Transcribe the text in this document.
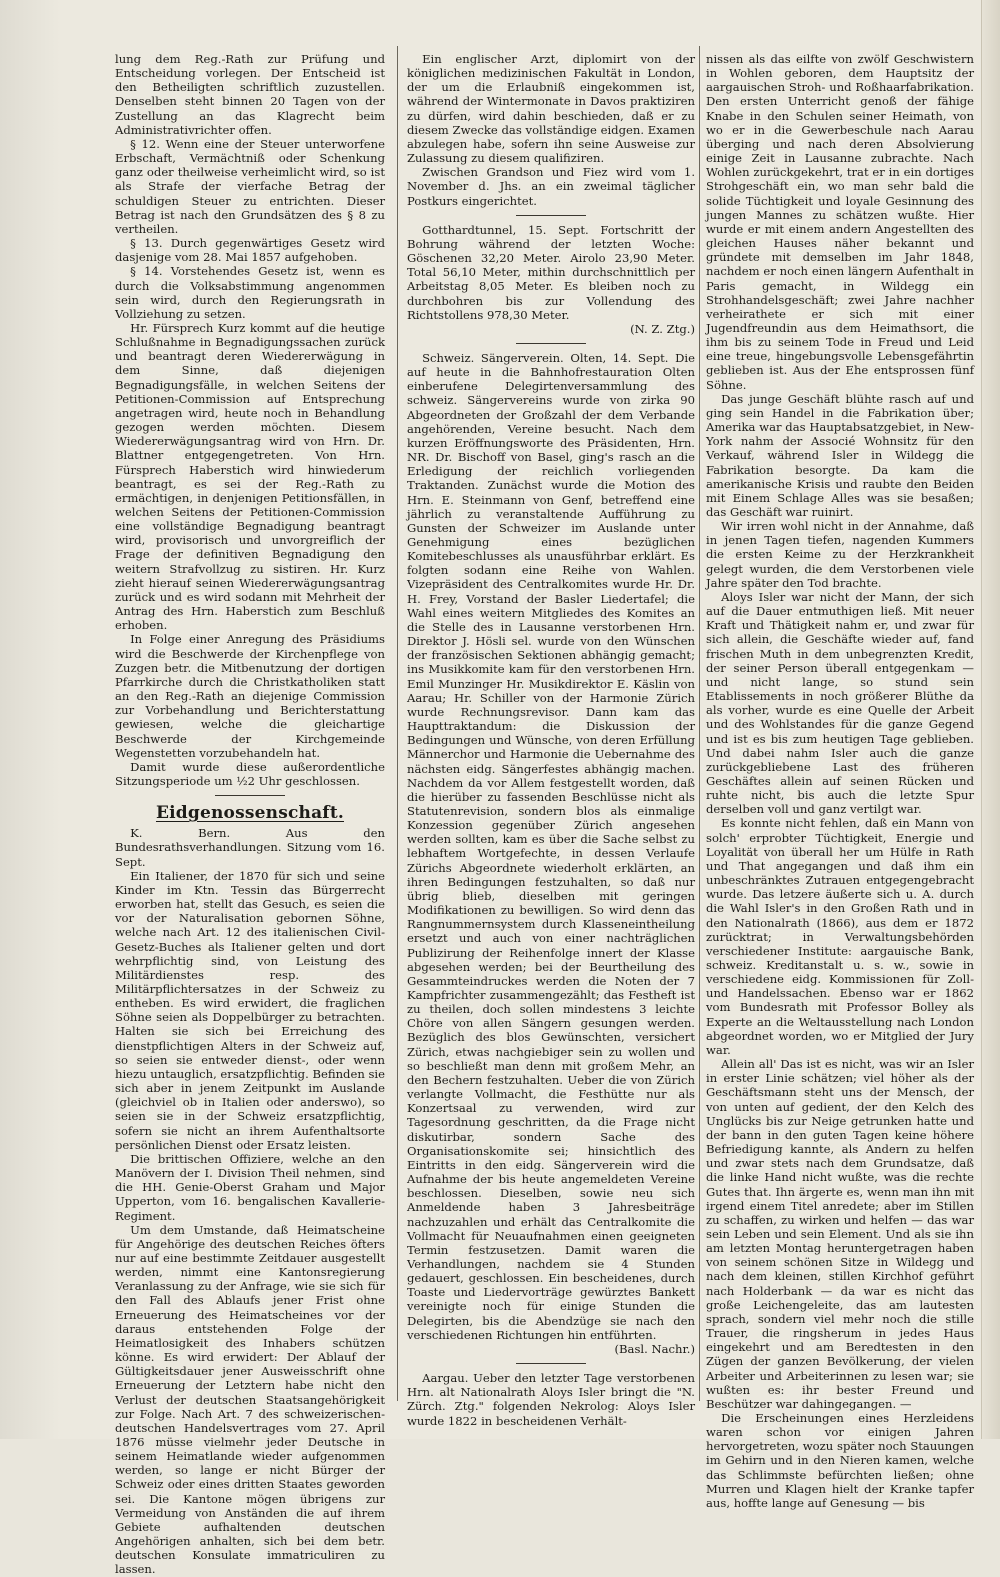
lung dem Reg.-Rath zur Prüfung und Entscheidung vorlegen. Der Entscheid ist den Betheiligten schriftlich zuzustellen. Denselben steht binnen 20 Tagen von der Zustellung an das Klagrecht beim Administrativrichter offen.

§ 12. Wenn eine der Steuer unterworfene Erbschaft, Vermächtniß oder Schenkung ganz oder theilweise verheimlicht wird, so ist als Strafe der vierfache Betrag der schuldigen Steuer zu entrichten. Dieser Betrag ist nach den Grundsätzen des § 8 zu vertheilen.

§ 13. Durch gegenwärtiges Gesetz wird dasjenige vom 28. Mai 1857 aufgehoben.

§ 14. Vorstehendes Gesetz ist, wenn es durch die Volksabstimmung angenommen sein wird, durch den Regierungsrath in Vollziehung zu setzen.

Hr. Fürsprech Kurz kommt auf die heutige Schlußnahme in Begnadigungssachen zurück und beantragt deren Wiedererwägung in dem Sinne, daß diejenigen Begnadigungsfälle, in welchen Seitens der Petitionen-Commission auf Entsprechung angetragen wird, heute noch in Behandlung gezogen werden möchten. Diesem Wiedererwägungsantrag wird von Hrn. Dr. Blattner entgegengetreten. Von Hrn. Fürsprech Haberstich wird hinwiederum beantragt, es sei der Reg.-Rath zu ermächtigen, in denjenigen Petitionsfällen, in welchen Seitens der Petitionen-Commission eine vollständige Begnadigung beantragt wird, provisorisch und unvorgreiflich der Frage der definitiven Begnadigung den weitern Strafvollzug zu sistiren. Hr. Kurz zieht hierauf seinen Wiedererwägungsantrag zurück und es wird sodann mit Mehrheit der Antrag des Hrn. Haberstich zum Beschluß erhoben.

In Folge einer Anregung des Präsidiums wird die Beschwerde der Kirchenpflege von Zuzgen betr. die Mitbenutzung der dortigen Pfarrkirche durch die Christkatholiken statt an den Reg.-Rath an diejenige Commission zur Vorbehandlung und Berichterstattung gewiesen, welche die gleichartige Beschwerde der Kirchgemeinde Wegenstetten vorzubehandeln hat.

Damit wurde diese außerordentliche Sitzungsperiode um ½2 Uhr geschlossen.

Eidgenossenschaft.

K. Bern. Aus den Bundesrathsverhandlungen. Sitzung vom 16. Sept.

Ein Italiener, der 1870 für sich und seine Kinder im Ktn. Tessin das Bürgerrecht erworben hat, stellt das Gesuch, es seien die vor der Naturalisation gebornen Söhne, welche nach Art. 12 des italienischen Civil-Gesetz-Buches als Italiener gelten und dort wehrpflichtig sind, von Leistung des Militärdienstes resp. des Militärpflichtersatzes in der Schweiz zu entheben. Es wird erwidert, die fraglichen Söhne seien als Doppelbürger zu betrachten. Halten sie sich bei Erreichung des dienstpflichtigen Alters in der Schweiz auf, so seien sie entweder dienst-, oder wenn hiezu untauglich, ersatzpflichtig. Befinden sie sich aber in jenem Zeitpunkt im Auslande (gleichviel ob in Italien oder anderswo), so seien sie in der Schweiz ersatzpflichtig, sofern sie nicht an ihrem Aufenthaltsorte persönlichen Dienst oder Ersatz leisten.

Die brittischen Offiziere, welche an den Manövern der I. Division Theil nehmen, sind die HH. Genie-Oberst Graham und Major Upperton, vom 16. bengalischen Kavallerie-Regiment.

Um dem Umstande, daß Heimatscheine für Angehörige des deutschen Reiches öfters nur auf eine bestimmte Zeitdauer ausgestellt werden, nimmt eine Kantonsregierung Veranlassung zu der Anfrage, wie sie sich für den Fall des Ablaufs jener Frist ohne Erneuerung des Heimatscheines vor der daraus entstehenden Folge der Heimatlosigkeit des Inhabers schützen könne. Es wird erwidert: Der Ablauf der Gültigkeitsdauer jener Ausweisschrift ohne Erneuerung der Letztern habe nicht den Verlust der deutschen Staatsangehörigkeit zur Folge. Nach Art. 7 des schweizerischen-deutschen Handelsvertrages vom 27. April 1876 müsse vielmehr jeder Deutsche in seinem Heimatlande wieder aufgenommen werden, so lange er nicht Bürger der Schweiz oder eines dritten Staates geworden sei. Die Kantone mögen übrigens zur Vermeidung von Anständen die auf ihrem Gebiete aufhaltenden deutschen Angehörigen anhalten, sich bei dem betr. deutschen Konsulate immatriculiren zu lassen.

Ein englischer Arzt, diplomirt von der königlichen medizinischen Fakultät in London, der um die Erlaubniß eingekommen ist, während der Wintermonate in Davos praktiziren zu dürfen, wird dahin beschieden, daß er zu diesem Zwecke das vollständige eidgen. Examen abzulegen habe, sofern ihn seine Ausweise zur Zulassung zu diesem qualifiziren.

Zwischen Grandson und Fiez wird vom 1. November d. Jhs. an ein zweimal täglicher Postkurs eingerichtet.

Gotthardtunnel, 15. Sept. Fortschritt der Bohrung während der letzten Woche: Göschenen 32,20 Meter. Airolo 23,90 Meter. Total 56,10 Meter, mithin durchschnittlich per Arbeitstag 8,05 Meter. Es bleiben noch zu durchbohren bis zur Vollendung des Richtstollens 978,30 Meter.

(N. Z. Ztg.)

Schweiz. Sängerverein. Olten, 14. Sept. Die auf heute in die Bahnhofrestauration Olten einberufene Delegirtenversammlung des schweiz. Sängervereins wurde von zirka 90 Abgeordneten der Großzahl der dem Verbande angehörenden, Vereine besucht. Nach dem kurzen Eröffnungsworte des Präsidenten, Hrn. NR. Dr. Bischoff von Basel, ging's rasch an die Erledigung der reichlich vorliegenden Traktanden. Zunächst wurde die Motion des Hrn. E. Steinmann von Genf, betreffend eine jährlich zu veranstaltende Aufführung zu Gunsten der Schweizer im Auslande unter Genehmigung eines bezüglichen Komitebeschlusses als unausführbar erklärt. Es folgten sodann eine Reihe von Wahlen. Vizepräsident des Centralkomites wurde Hr. Dr. H. Frey, Vorstand der Basler Liedertafel; die Wahl eines weitern Mitgliedes des Komites an die Stelle des in Lausanne verstorbenen Hrn. Direktor J. Hösli sel. wurde von den Wünschen der französischen Sektionen abhängig gemacht; ins Musikkomite kam für den verstorbenen Hrn. Emil Munzinger Hr. Musikdirektor E. Käslin von Aarau; Hr. Schiller von der Harmonie Zürich wurde Rechnungsrevisor. Dann kam das Haupttraktandum: die Diskussion der Bedingungen und Wünsche, von deren Erfüllung Männerchor und Harmonie die Uebernahme des nächsten eidg. Sängerfestes abhängig machen. Nachdem da vor Allem festgestellt worden, daß die hierüber zu fassenden Beschlüsse nicht als Statutenrevision, sondern blos als einmalige Konzession gegenüber Zürich angesehen werden sollten, kam es über die Sache selbst zu lebhaftem Wortgefechte, in dessen Verlaufe Zürichs Abgeordnete wiederholt erklärten, an ihren Bedingungen festzuhalten, so daß nur übrig blieb, dieselben mit geringen Modifikationen zu bewilligen. So wird denn das Rangnummernsystem durch Klasseneintheilung ersetzt und auch von einer nachträglichen Publizirung der Reihenfolge innert der Klasse abgesehen werden; bei der Beurtheilung des Gesammteindruckes werden die Noten der 7 Kampfrichter zusammengezählt; das Festheft ist zu theilen, doch sollen mindestens 3 leichte Chöre von allen Sängern gesungen werden. Bezüglich des blos Gewünschten, versichert Zürich, etwas nachgiebiger sein zu wollen und so beschließt man denn mit großem Mehr, an den Bechern festzuhalten. Ueber die von Zürich verlangte Vollmacht, die Festhütte nur als Konzertsaal zu verwenden, wird zur Tagesordnung geschritten, da die Frage nicht diskutirbar, sondern Sache des Organisationskomite sei; hinsichtlich des Eintritts in den eidg. Sängerverein wird die Aufnahme der bis heute angemeldeten Vereine beschlossen. Dieselben, sowie neu sich Anmeldende haben 3 Jahresbeiträge nachzuzahlen und erhält das Centralkomite die Vollmacht für Neuaufnahmen einen geeigneten Termin festzusetzen. Damit waren die Verhandlungen, nachdem sie 4 Stunden gedauert, geschlossen. Ein bescheidenes, durch Toaste und Liedervorträge gewürztes Bankett vereinigte noch für einige Stunden die Delegirten, bis die Abendzüge sie nach den verschiedenen Richtungen hin entführten.

(Basl. Nachr.)

Aargau. Ueber den letzter Tage verstorbenen Hrn. alt Nationalrath Aloys Isler bringt die "N. Zürch. Ztg." folgenden Nekrolog: Aloys Isler wurde 1822 in bescheidenen Verhält-

nissen als das eilfte von zwölf Geschwistern in Wohlen geboren, dem Hauptsitz der aargauischen Stroh- und Roßhaarfabrikation. Den ersten Unterricht genoß der fähige Knabe in den Schulen seiner Heimath, von wo er in die Gewerbeschule nach Aarau überging und nach deren Absolvierung einige Zeit in Lausanne zubrachte. Nach Wohlen zurückgekehrt, trat er in ein dortiges Strohgeschäft ein, wo man sehr bald die solide Tüchtigkeit und loyale Gesinnung des jungen Mannes zu schätzen wußte. Hier wurde er mit einem andern Angestellten des gleichen Hauses näher bekannt und gründete mit demselben im Jahr 1848, nachdem er noch einen längern Aufenthalt in Paris gemacht, in Wildegg ein Strohhandelsgeschäft; zwei Jahre nachher verheirathete er sich mit einer Jugendfreundin aus dem Heimathsort, die ihm bis zu seinem Tode in Freud und Leid eine treue, hingebungsvolle Lebensgefährtin geblieben ist. Aus der Ehe entsprossen fünf Söhne.

Das junge Geschäft blühte rasch auf und ging sein Handel in die Fabrikation über; Amerika war das Hauptabsatzgebiet, in New-York nahm der Associé Wohnsitz für den Verkauf, während Isler in Wildegg die Fabrikation besorgte. Da kam die amerikanische Krisis und raubte den Beiden mit Einem Schlage Alles was sie besaßen; das Geschäft war ruinirt.

Wir irren wohl nicht in der Annahme, daß in jenen Tagen tiefen, nagenden Kummers die ersten Keime zu der Herzkrankheit gelegt wurden, die dem Verstorbenen viele Jahre später den Tod brachte.

Aloys Isler war nicht der Mann, der sich auf die Dauer entmuthigen ließ. Mit neuer Kraft und Thätigkeit nahm er, und zwar für sich allein, die Geschäfte wieder auf, fand frischen Muth in dem unbegrenzten Kredit, der seiner Person überall entgegenkam — und nicht lange, so stund sein Etablissements in noch größerer Blüthe da als vorher, wurde es eine Quelle der Arbeit und des Wohlstandes für die ganze Gegend und ist es bis zum heutigen Tage geblieben. Und dabei nahm Isler auch die ganze zurückgebliebene Last des früheren Geschäftes allein auf seinen Rücken und ruhte nicht, bis auch die letzte Spur derselben voll und ganz vertilgt war.

Es konnte nicht fehlen, daß ein Mann von solch' erprobter Tüchtigkeit, Energie und Loyalität von überall her um Hülfe in Rath und That angegangen und daß ihm ein unbeschränktes Zutrauen entgegengebracht wurde. Das letzere äußerte sich u. A. durch die Wahl Isler's in den Großen Rath und in den Nationalrath (1866), aus dem er 1872 zurücktrat; in Verwaltungsbehörden verschiedener Institute: aargauische Bank, schweiz. Kreditanstalt u. s. w., sowie in verschiedene eidg. Kommissionen für Zoll- und Handelssachen. Ebenso war er 1862 vom Bundesrath mit Professor Bolley als Experte an die Weltausstellung nach London abgeordnet worden, wo er Mitglied der Jury war.

Allein all' Das ist es nicht, was wir an Isler in erster Linie schätzen; viel höher als der Geschäftsmann steht uns der Mensch, der von unten auf gedient, der den Kelch des Unglücks bis zur Neige getrunken hatte und der bann in den guten Tagen keine höhere Befriedigung kannte, als Andern zu helfen und zwar stets nach dem Grundsatze, daß die linke Hand nicht wußte, was die rechte Gutes that. Ihn ärgerte es, wenn man ihn mit irgend einem Titel anredete; aber im Stillen zu schaffen, zu wirken und helfen — das war sein Leben und sein Element. Und als sie ihn am letzten Montag heruntergetragen haben von seinem schönen Sitze in Wildegg und nach dem kleinen, stillen Kirchhof geführt nach Holderbank — da war es nicht das große Leichengeleite, das am lautesten sprach, sondern viel mehr noch die stille Trauer, die ringsherum in jedes Haus eingekehrt und am Beredtesten in den Zügen der ganzen Bevölkerung, der vielen Arbeiter und Arbeiterinnen zu lesen war; sie wußten es: ihr bester Freund und Beschützer war dahingegangen. —

Die Erscheinungen eines Herzleidens waren schon vor einigen Jahren hervorgetreten, wozu später noch Stauungen im Gehirn und in den Nieren kamen, welche das Schlimmste befürchten ließen; ohne Murren und Klagen hielt der Kranke tapfer aus, hoffte lange auf Genesung — bis
